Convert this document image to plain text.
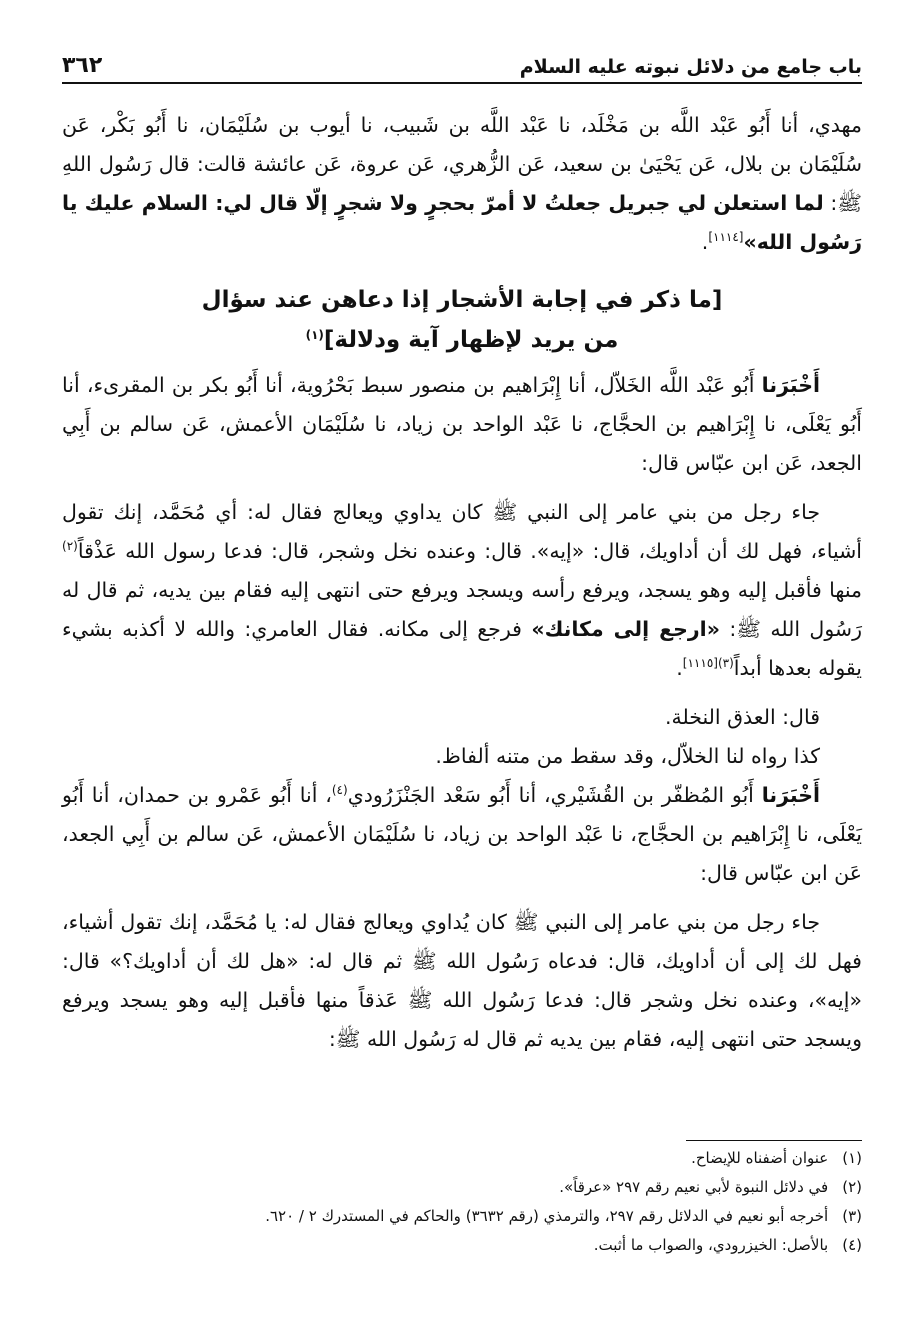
باب جامع من دلائل نبوته عليه السلام
٣٦٢

مهدي، أنا أَبُو عَبْد اللَّه بن مَخْلَد، نا عَبْد اللَّه بن شَبيب، نا أيوب بن سُلَيْمَان، نا أَبُو بَكْر، عَن سُلَيْمَان بن بلال، عَن يَحْيَىٰ بن سعيد، عَن الزُّهري، عَن عروة، عَن عائشة قالت: قال رَسُول اللهِ ﷺ: لما استعلن لي جبريل جعلتُ لا أمرّ بحجرٍ ولا شجرٍ إلّا قال لي: السلام عليك يا رَسُول الله»[١١١٤].

[ما ذكر في إجابة الأشجار إذا دعاهن عند سؤال
من يريد لإظهار آية ودلالة]$^{(١)}$

أَخْبَرَنا أَبُو عَبْد اللَّه الخَلاّل، أنا إِبْرَاهيم بن منصور سبط بَحْرُوية، أنا أَبُو بكر بن المقرىء، أنا أَبُو يَعْلَى، نا إِبْرَاهيم بن الحجَّاج، نا عَبْد الواحد بن زياد، نا سُلَيْمَان الأعمش، عَن سالم بن أَبِي الجعد، عَن ابن عبّاس قال:

جاء رجل من بني عامر إلى النبي ﷺ كان يداوي ويعالج فقال له: أي مُحَمَّد، إنك تقول أشياء، فهل لك أن أداويك، قال: «إيه». قال: وعنده نخل وشجر، قال: فدعا رسول الله عَذْقاً$^{(٢)}$ منها فأقبل إليه وهو يسجد، ويرفع رأسه ويسجد ويرفع حتى انتهى إليه فقام بين يديه، ثم قال له رَسُول الله ﷺ: «ارجع إلى مكانك» فرجع إلى مكانه. فقال العامري: والله لا أكذبه بشيء يقوله بعدها أبداً$^{(٣)[١١١٥]}$.

قال: العذق النخلة.

كذا رواه لنا الخلاّل، وقد سقط من متنه ألفاظ.

أَخْبَرَنا أَبُو المُظفّر بن القُشَيْري، أنا أَبُو سَعْد الجَنْزَرُودي$^{(٤)}$، أنا أَبُو عَمْرو بن حمدان، أنا أَبُو يَعْلَى، نا إِبْرَاهيم بن الحجَّاج، نا عَبْد الواحد بن زياد، نا سُلَيْمَان الأعمش، عَن سالم بن أَبِي الجعد، عَن ابن عبّاس قال:

جاء رجل من بني عامر إلى النبي ﷺ كان يُداوي ويعالج فقال له: يا مُحَمَّد، إنك تقول أشياء، فهل لك إلى أن أداويك، قال: فدعاه رَسُول الله ﷺ ثم قال له: «هل لك أن أداويك؟» قال: «إيه»، وعنده نخل وشجر قال: فدعا رَسُول الله ﷺ عَذقاً منها فأقبل إليه وهو يسجد ويرفع ويسجد حتى انتهى إليه، فقام بين يديه ثم قال له رَسُول الله ﷺ:

(١)
عنوان أضفناه للإيضاح.
(٢)
في دلائل النبوة لأبي نعيم رقم ٢٩٧ «عرقاً».
(٣)
أخرجه أبو نعيم في الدلائل رقم ٢٩٧، والترمذي (رقم ٣٦٣٢) والحاكم في المستدرك ٢ / ٦٢٠.
(٤)
بالأصل: الخيزرودي، والصواب ما أثبت.
